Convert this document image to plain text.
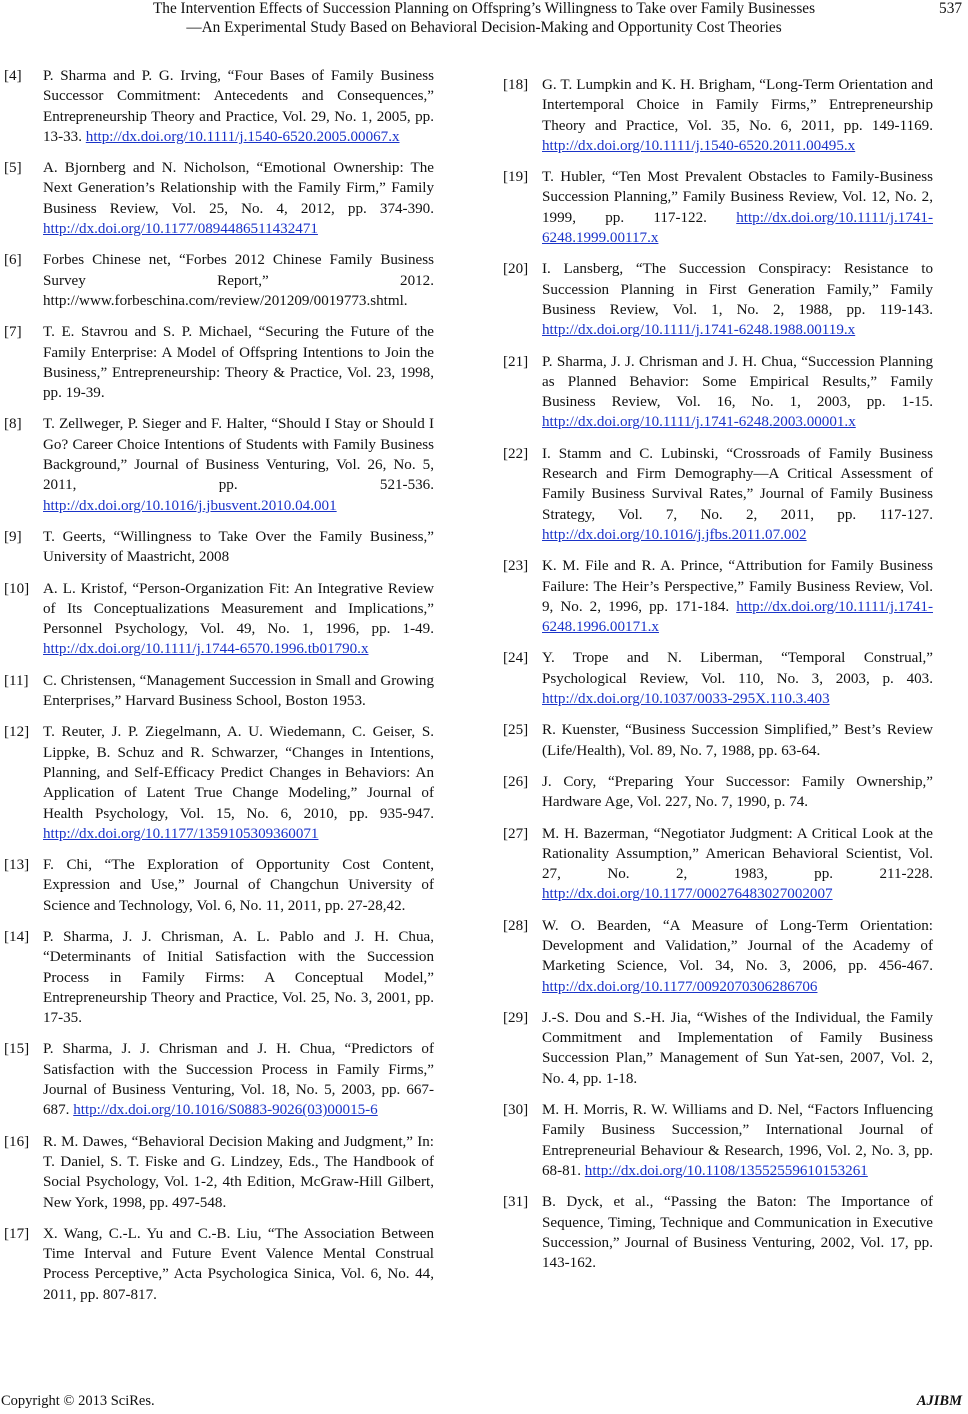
The Intervention Effects of Succession Planning on Offspring’s Willingness to Take over Family Businesses
—An Experimental Study Based on Behavioral Decision-Making and Opportunity Cost Theories
537
[4] P. Sharma and P. G. Irving, “Four Bases of Family Business Successor Commitment: Antecedents and Consequences,” Entrepreneurship Theory and Practice, Vol. 29, No. 1, 2005, pp. 13-33. http://dx.doi.org/10.1111/j.1540-6520.2005.00067.x
[5] A. Bjornberg and N. Nicholson, “Emotional Ownership: The Next Generation’s Relationship with the Family Firm,” Family Business Review, Vol. 25, No. 4, 2012, pp. 374-390. http://dx.doi.org/10.1177/0894486511432471
[6] Forbes Chinese net, “Forbes 2012 Chinese Family Business Survey Report,” 2012. http://www.forbeschina.com/review/201209/0019773.shtml.
[7] T. E. Stavrou and S. P. Michael, “Securing the Future of the Family Enterprise: A Model of Offspring Intentions to Join the Business,” Entrepreneurship: Theory & Practice, Vol. 23, 1998, pp. 19-39.
[8] T. Zellweger, P. Sieger and F. Halter, “Should I Stay or Should I Go? Career Choice Intentions of Students with Family Business Background,” Journal of Business Venturing, Vol. 26, No. 5, 2011, pp. 521-536. http://dx.doi.org/10.1016/j.jbusvent.2010.04.001
[9] T. Geerts, “Willingness to Take Over the Family Business,” University of Maastricht, 2008
[10] A. L. Kristof, “Person-Organization Fit: An Integrative Review of Its Conceptualizations Measurement and Implications,” Personnel Psychology, Vol. 49, No. 1, 1996, pp. 1-49. http://dx.doi.org/10.1111/j.1744-6570.1996.tb01790.x
[11] C. Christensen, “Management Succession in Small and Growing Enterprises,” Harvard Business School, Boston 1953.
[12] T. Reuter, J. P. Ziegelmann, A. U. Wiedemann, C. Geiser, S. Lippke, B. Schuz and R. Schwarzer, “Changes in Intentions, Planning, and Self-Efficacy Predict Changes in Behaviors: An Application of Latent True Change Modeling,” Journal of Health Psychology, Vol. 15, No. 6, 2010, pp. 935-947. http://dx.doi.org/10.1177/1359105309360071
[13] F. Chi, “The Exploration of Opportunity Cost Content, Expression and Use,” Journal of Changchun University of Science and Technology, Vol. 6, No. 11, 2011, pp. 27-28,42.
[14] P. Sharma, J. J. Chrisman, A. L. Pablo and J. H. Chua, “Determinants of Initial Satisfaction with the Succession Process in Family Firms: A Conceptual Model,” Entrepreneurship Theory and Practice, Vol. 25, No. 3, 2001, pp. 17-35.
[15] P. Sharma, J. J. Chrisman and J. H. Chua, “Predictors of Satisfaction with the Succession Process in Family Firms,” Journal of Business Venturing, Vol. 18, No. 5, 2003, pp. 667-687. http://dx.doi.org/10.1016/S0883-9026(03)00015-6
[16] R. M. Dawes, “Behavioral Decision Making and Judgment,” In: T. Daniel, S. T. Fiske and G. Lindzey, Eds., The Handbook of Social Psychology, Vol. 1-2, 4th Edition, McGraw-Hill Gilbert, New York, 1998, pp. 497-548.
[17] X. Wang, C.-L. Yu and C.-B. Liu, “The Association Between Time Interval and Future Event Valence Mental Construal Process Perceptive,” Acta Psychologica Sinica, Vol. 6, No. 44, 2011, pp. 807-817.
[18] G. T. Lumpkin and K. H. Brigham, “Long-Term Orientation and Intertemporal Choice in Family Firms,” Entrepreneurship Theory and Practice, Vol. 35, No. 6, 2011, pp. 149-1169. http://dx.doi.org/10.1111/j.1540-6520.2011.00495.x
[19] T. Hubler, “Ten Most Prevalent Obstacles to Family-Business Succession Planning,” Family Business Review, Vol. 12, No. 2, 1999, pp. 117-122. http://dx.doi.org/10.1111/j.1741-6248.1999.00117.x
[20] I. Lansberg, “The Succession Conspiracy: Resistance to Succession Planning in First Generation Family,” Family Business Review, Vol. 1, No. 2, 1988, pp. 119-143. http://dx.doi.org/10.1111/j.1741-6248.1988.00119.x
[21] P. Sharma, J. J. Chrisman and J. H. Chua, “Succession Planning as Planned Behavior: Some Empirical Results,” Family Business Review, Vol. 16, No. 1, 2003, pp. 1-15. http://dx.doi.org/10.1111/j.1741-6248.2003.00001.x
[22] I. Stamm and C. Lubinski, “Crossroads of Family Business Research and Firm Demography—A Critical Assessment of Family Business Survival Rates,” Journal of Family Business Strategy, Vol. 7, No. 2, 2011, pp. 117-127. http://dx.doi.org/10.1016/j.jfbs.2011.07.002
[23] K. M. File and R. A. Prince, “Attribution for Family Business Failure: The Heir’s Perspective,” Family Business Review, Vol. 9, No. 2, 1996, pp. 171-184. http://dx.doi.org/10.1111/j.1741-6248.1996.00171.x
[24] Y. Trope and N. Liberman, “Temporal Construal,” Psychological Review, Vol. 110, No. 3, 2003, p. 403. http://dx.doi.org/10.1037/0033-295X.110.3.403
[25] R. Kuenster, “Business Succession Simplified,” Best’s Review (Life/Health), Vol. 89, No. 7, 1988, pp. 63-64.
[26] J. Cory, “Preparing Your Successor: Family Ownership,” Hardware Age, Vol. 227, No. 7, 1990, p. 74.
[27] M. H. Bazerman, “Negotiator Judgment: A Critical Look at the Rationality Assumption,” American Behavioral Scientist, Vol. 27, No. 2, 1983, pp. 211-228. http://dx.doi.org/10.1177/000276483027002007
[28] W. O. Bearden, “A Measure of Long-Term Orientation: Development and Validation,” Journal of the Academy of Marketing Science, Vol. 34, No. 3, 2006, pp. 456-467. http://dx.doi.org/10.1177/0092070306286706
[29] J.-S. Dou and S.-H. Jia, “Wishes of the Individual, the Family Commitment and Implementation of Family Business Succession Plan,” Management of Sun Yat-sen, 2007, Vol. 2, No. 4, pp. 1-18.
[30] M. H. Morris, R. W. Williams and D. Nel, “Factors Influencing Family Business Succession,” International Journal of Entrepreneurial Behaviour & Research, 1996, Vol. 2, No. 3, pp. 68-81. http://dx.doi.org/10.1108/13552559610153261
[31] B. Dyck, et al., “Passing the Baton: The Importance of Sequence, Timing, Technique and Communication in Executive Succession,” Journal of Business Venturing, 2002, Vol. 17, pp. 143-162.
Copyright © 2013 SciRes.	AJIBM
